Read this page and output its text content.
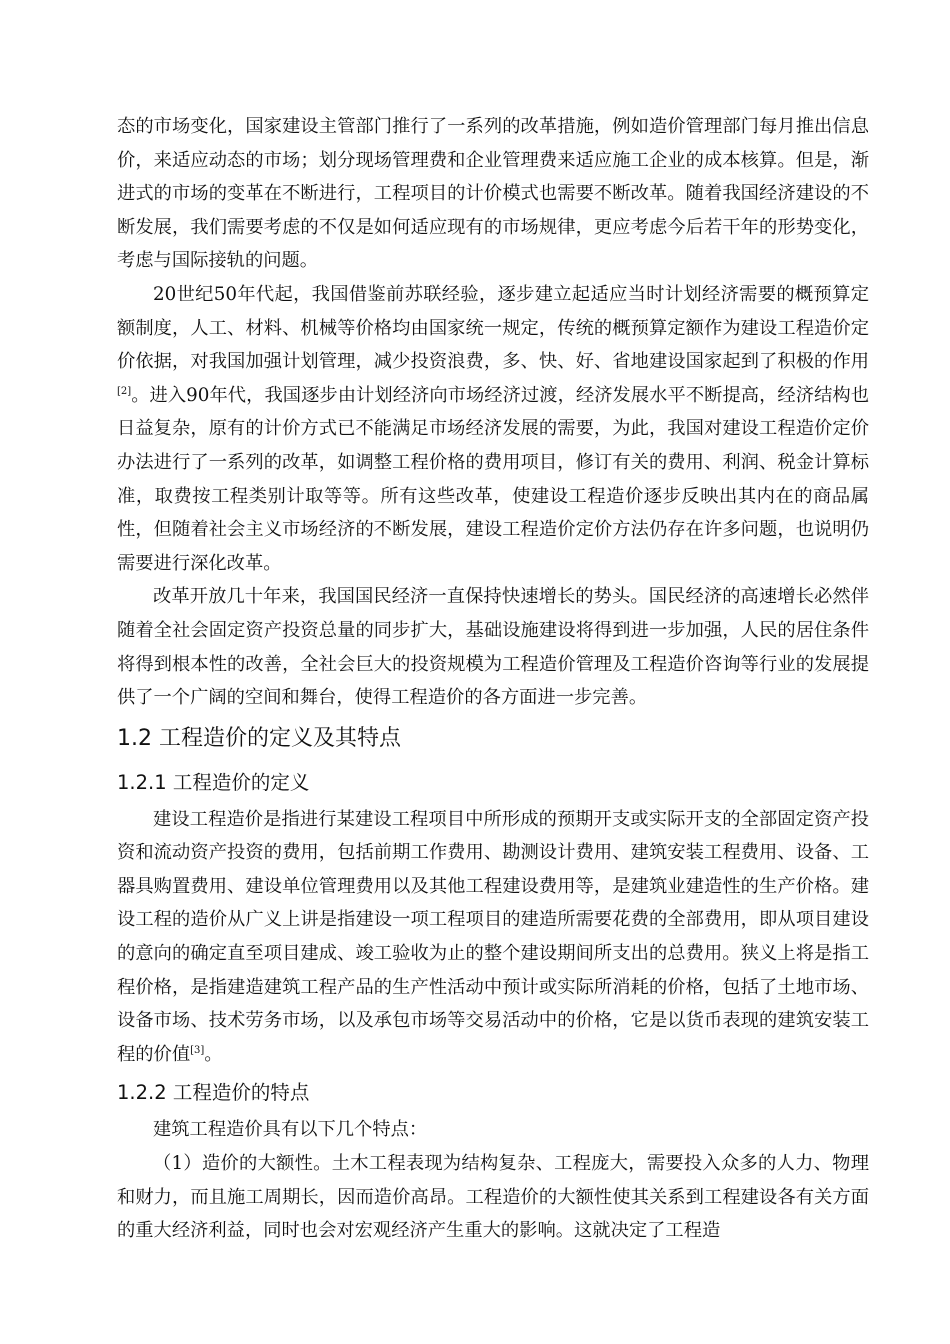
态的市场变化，国家建设主管部门推行了一系列的改革措施，例如造价管理部门每月推出信息价，来适应动态的市场；划分现场管理费和企业管理费来适应施工企业的成本核算。但是，渐进式的市场的变革在不断进行，工程项目的计价模式也需要不断改革。随着我国经济建设的不断发展，我们需要考虑的不仅是如何适应现有的市场规律，更应考虑今后若干年的形势变化，考虑与国际接轨的问题。

20世纪50年代起，我国借鉴前苏联经验，逐步建立起适应当时计划经济需要的概预算定额制度，人工、材料、机械等价格均由国家统一规定，传统的概预算定额作为建设工程造价定价依据，对我国加强计划管理，减少投资浪费，多、快、好、省地建设国家起到了积极的作用[2]。进入90年代，我国逐步由计划经济向市场经济过渡，经济发展水平不断提高，经济结构也日益复杂，原有的计价方式已不能满足市场经济发展的需要，为此，我国对建设工程造价定价办法进行了一系列的改革，如调整工程价格的费用项目，修订有关的费用、利润、税金计算标准，取费按工程类别计取等等。所有这些改革，使建设工程造价逐步反映出其内在的商品属性，但随着社会主义市场经济的不断发展，建设工程造价定价方法仍存在许多问题，也说明仍需要进行深化改革。

改革开放几十年来，我国国民经济一直保持快速增长的势头。国民经济的高速增长必然伴随着全社会固定资产投资总量的同步扩大，基础设施建设将得到进一步加强，人民的居住条件将得到根本性的改善，全社会巨大的投资规模为工程造价管理及工程造价咨询等行业的发展提供了一个广阔的空间和舞台，使得工程造价的各方面进一步完善。

1.2 工程造价的定义及其特点
1.2.1 工程造价的定义

建设工程造价是指进行某建设工程项目中所形成的预期开支或实际开支的全部固定资产投资和流动资产投资的费用，包括前期工作费用、勘测设计费用、建筑安装工程费用、设备、工器具购置费用、建设单位管理费用以及其他工程建设费用等，是建筑业建造性的生产价格。建设工程的造价从广义上讲是指建设一项工程项目的建造所需要花费的全部费用，即从项目建设的意向的确定直至项目建成、竣工验收为止的整个建设期间所支出的总费用。狭义上将是指工程价格，是指建造建筑工程产品的生产性活动中预计或实际所消耗的价格，包括了土地市场、设备市场、技术劳务市场，以及承包市场等交易活动中的价格，它是以货币表现的建筑安装工程的价值[3]。

1.2.2 工程造价的特点

建筑工程造价具有以下几个特点：

（1）造价的大额性。土木工程表现为结构复杂、工程庞大，需要投入众多的人力、物理和财力，而且施工周期长，因而造价高昂。工程造价的大额性使其关系到工程建设各有关方面的重大经济利益，同时也会对宏观经济产生重大的影响。这就决定了工程造
